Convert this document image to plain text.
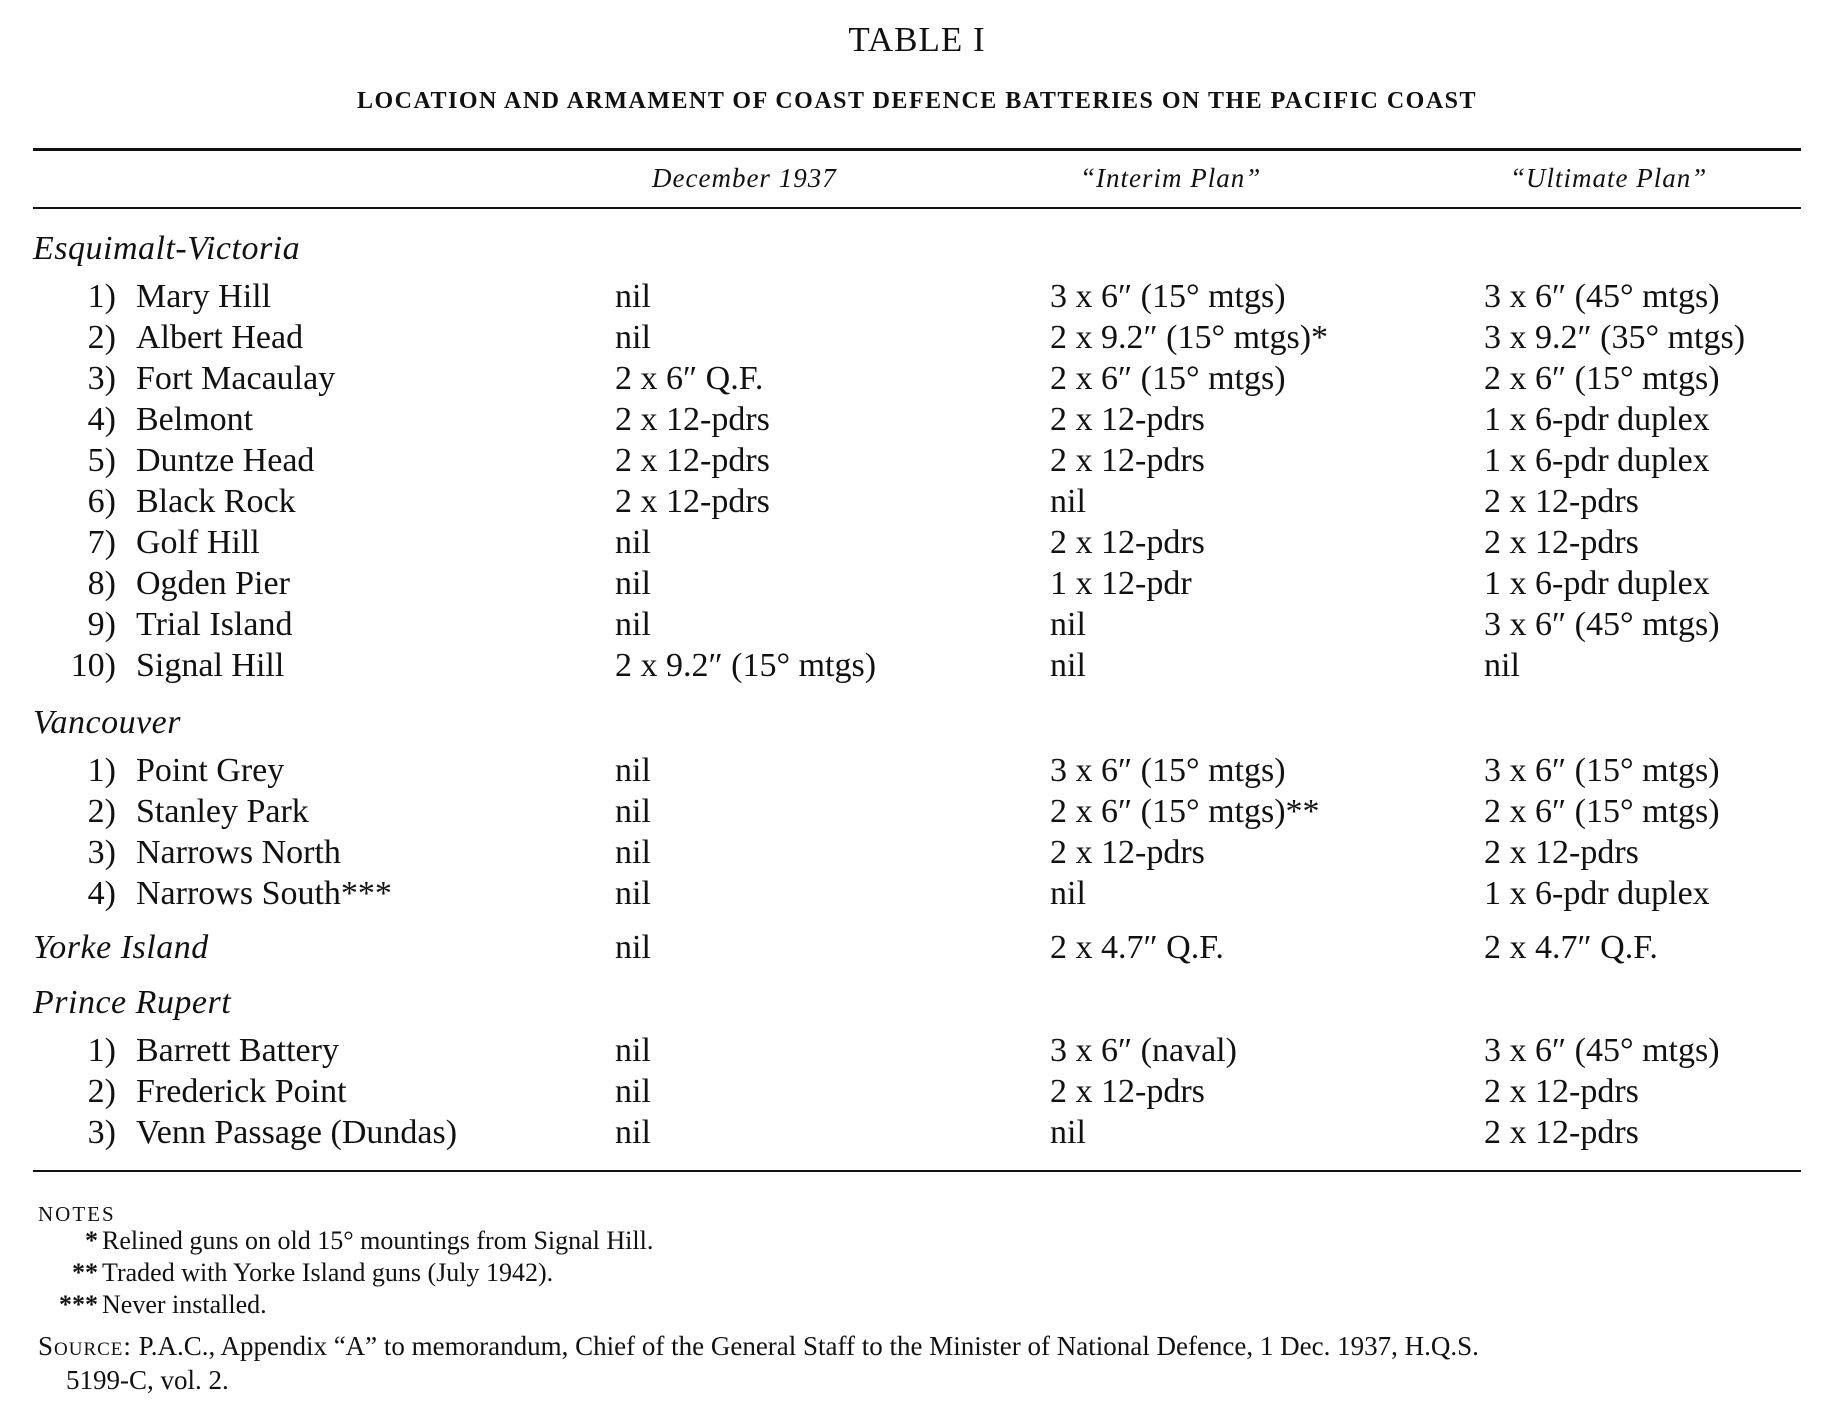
TABLE I
LOCATION AND ARMAMENT OF COAST DEFENCE BATTERIES ON THE PACIFIC COAST
December 1937	“Interim Plan”	“Ultimate Plan”
Esquimalt-Victoria
1) Mary Hill	nil	3 x 6″ (15° mtgs)	3 x 6″ (45° mtgs)
2) Albert Head	nil	2 x 9.2″ (15° mtgs)*	3 x 9.2″ (35° mtgs)
3) Fort Macaulay	2 x 6″ Q.F.	2 x 6″ (15° mtgs)	2 x 6″ (15° mtgs)
4) Belmont	2 x 12-pdrs	2 x 12-pdrs	1 x 6-pdr duplex
5) Duntze Head	2 x 12-pdrs	2 x 12-pdrs	1 x 6-pdr duplex
6) Black Rock	2 x 12-pdrs	nil	2 x 12-pdrs
7) Golf Hill	nil	2 x 12-pdrs	2 x 12-pdrs
8) Ogden Pier	nil	1 x 12-pdr	1 x 6-pdr duplex
9) Trial Island	nil	nil	3 x 6″ (45° mtgs)
10) Signal Hill	2 x 9.2″ (15° mtgs)	nil	nil
Vancouver
1) Point Grey	nil	3 x 6″ (15° mtgs)	3 x 6″ (15° mtgs)
2) Stanley Park	nil	2 x 6″ (15° mtgs)**	2 x 6″ (15° mtgs)
3) Narrows North	nil	2 x 12-pdrs	2 x 12-pdrs
4) Narrows South***	nil	nil	1 x 6-pdr duplex
Yorke Island	nil	2 x 4.7″ Q.F.	2 x 4.7″ Q.F.
Prince Rupert
1) Barrett Battery	nil	3 x 6″ (naval)	3 x 6″ (45° mtgs)
2) Frederick Point	nil	2 x 12-pdrs	2 x 12-pdrs
3) Venn Passage (Dundas)	nil	nil	2 x 12-pdrs
NOTES
* Relined guns on old 15° mountings from Signal Hill.
** Traded with Yorke Island guns (July 1942).
*** Never installed.
Source: P.A.C., Appendix “A” to memorandum, Chief of the General Staff to the Minister of National Defence, 1 Dec. 1937, H.Q.S.
5199-C, vol. 2.
